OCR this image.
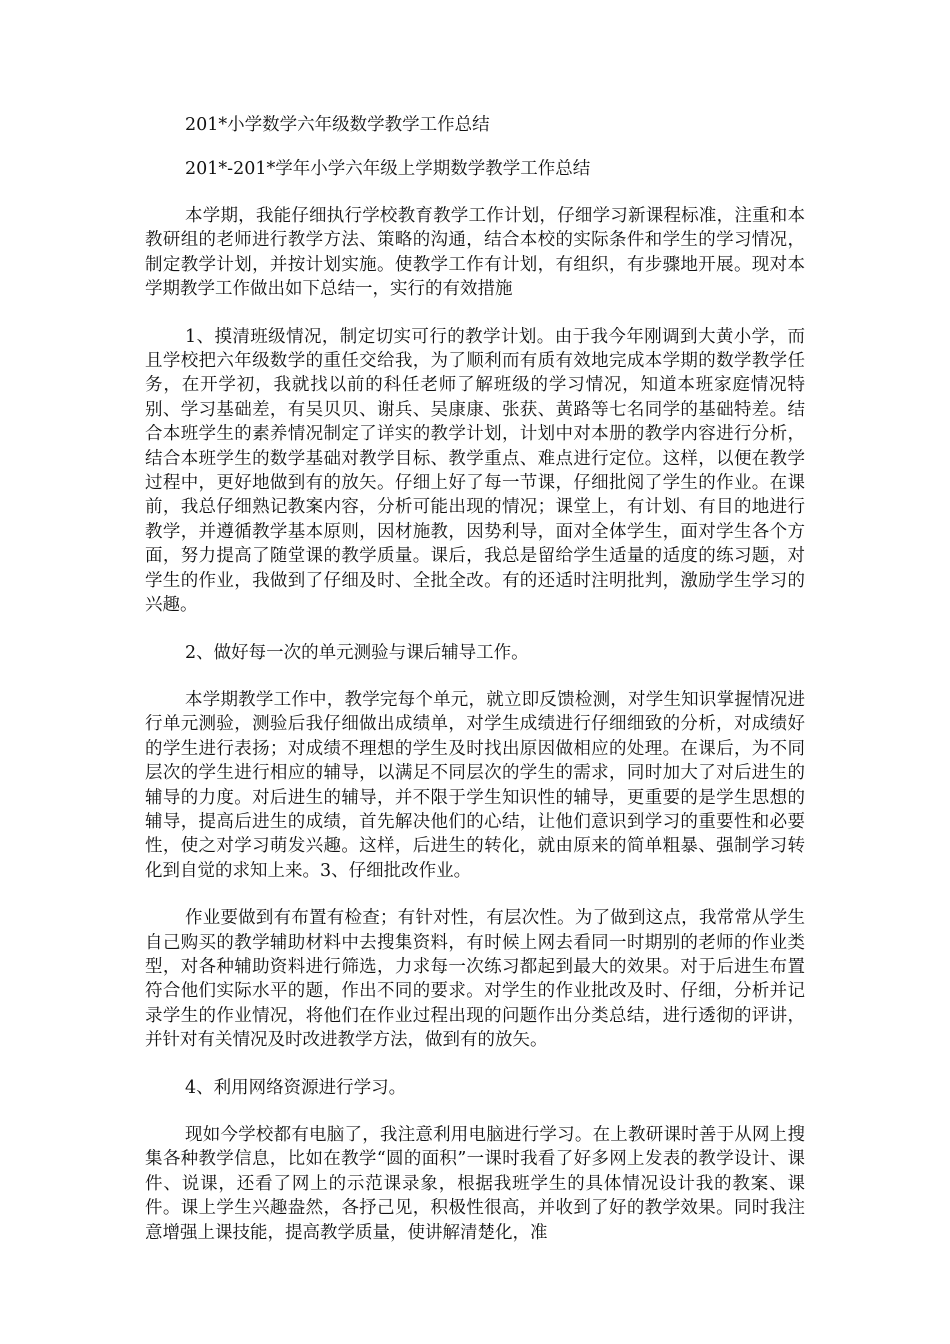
201*小学数学六年级数学教学工作总结
201*-201*学年小学六年级上学期数学教学工作总结

本学期，我能仔细执行学校教育教学工作计划，仔细学习新课程标准，注重和本教研组的老师进行教学方法、策略的沟通，结合本校的实际条件和学生的学习情况，制定教学计划，并按计划实施。使教学工作有计划，有组织，有步骤地开展。现对本学期教学工作做出如下总结一，实行的有效措施

1、摸清班级情况，制定切实可行的教学计划。由于我今年刚调到大黄小学，而且学校把六年级数学的重任交给我，为了顺利而有质有效地完成本学期的数学教学任务，在开学初，我就找以前的科任老师了解班级的学习情况，知道本班家庭情况特别、学习基础差，有吴贝贝、谢兵、吴康康、张获、黄路等七名同学的基础特差。结合本班学生的素养情况制定了详实的教学计划，计划中对本册的教学内容进行分析，结合本班学生的数学基础对教学目标、教学重点、难点进行定位。这样，以便在教学过程中，更好地做到有的放矢。仔细上好了每一节课，仔细批阅了学生的作业。在课前，我总仔细熟记教案内容，分析可能出现的情况；课堂上，有计划、有目的地进行教学，并遵循教学基本原则，因材施教，因势利导，面对全体学生，面对学生各个方面，努力提高了随堂课的教学质量。课后，我总是留给学生适量的适度的练习题，对学生的作业，我做到了仔细及时、全批全改。有的还适时注明批判，激励学生学习的兴趣。

2、做好每一次的单元测验与课后辅导工作。

本学期教学工作中，教学完每个单元，就立即反馈检测，对学生知识掌握情况进行单元测验，测验后我仔细做出成绩单，对学生成绩进行仔细细致的分析，对成绩好的学生进行表扬；对成绩不理想的学生及时找出原因做相应的处理。在课后，为不同层次的学生进行相应的辅导，以满足不同层次的学生的需求，同时加大了对后进生的辅导的力度。对后进生的辅导，并不限于学生知识性的辅导，更重要的是学生思想的辅导，提高后进生的成绩，首先解决他们的心结，让他们意识到学习的重要性和必要性，使之对学习萌发兴趣。这样，后进生的转化，就由原来的简单粗暴、强制学习转化到自觉的求知上来。3、仔细批改作业。

作业要做到有布置有检查；有针对性，有层次性。为了做到这点，我常常从学生自己购买的教学辅助材料中去搜集资料，有时候上网去看同一时期别的老师的作业类型，对各种辅助资料进行筛选，力求每一次练习都起到最大的效果。对于后进生布置符合他们实际水平的题，作出不同的要求。对学生的作业批改及时、仔细，分析并记录学生的作业情况，将他们在作业过程出现的问题作出分类总结，进行透彻的评讲，并针对有关情况及时改进教学方法，做到有的放矢。

4、利用网络资源进行学习。

现如今学校都有电脑了，我注意利用电脑进行学习。在上教研课时善于从网上搜集各种教学信息，比如在教学“圆的面积”一课时我看了好多网上发表的教学设计、课件、说课，还看了网上的示范课录象，根据我班学生的具体情况设计我的教案、课件。课上学生兴趣盎然，各抒己见，积极性很高，并收到了好的教学效果。同时我注意增强上课技能，提高教学质量，使讲解清楚化，准
